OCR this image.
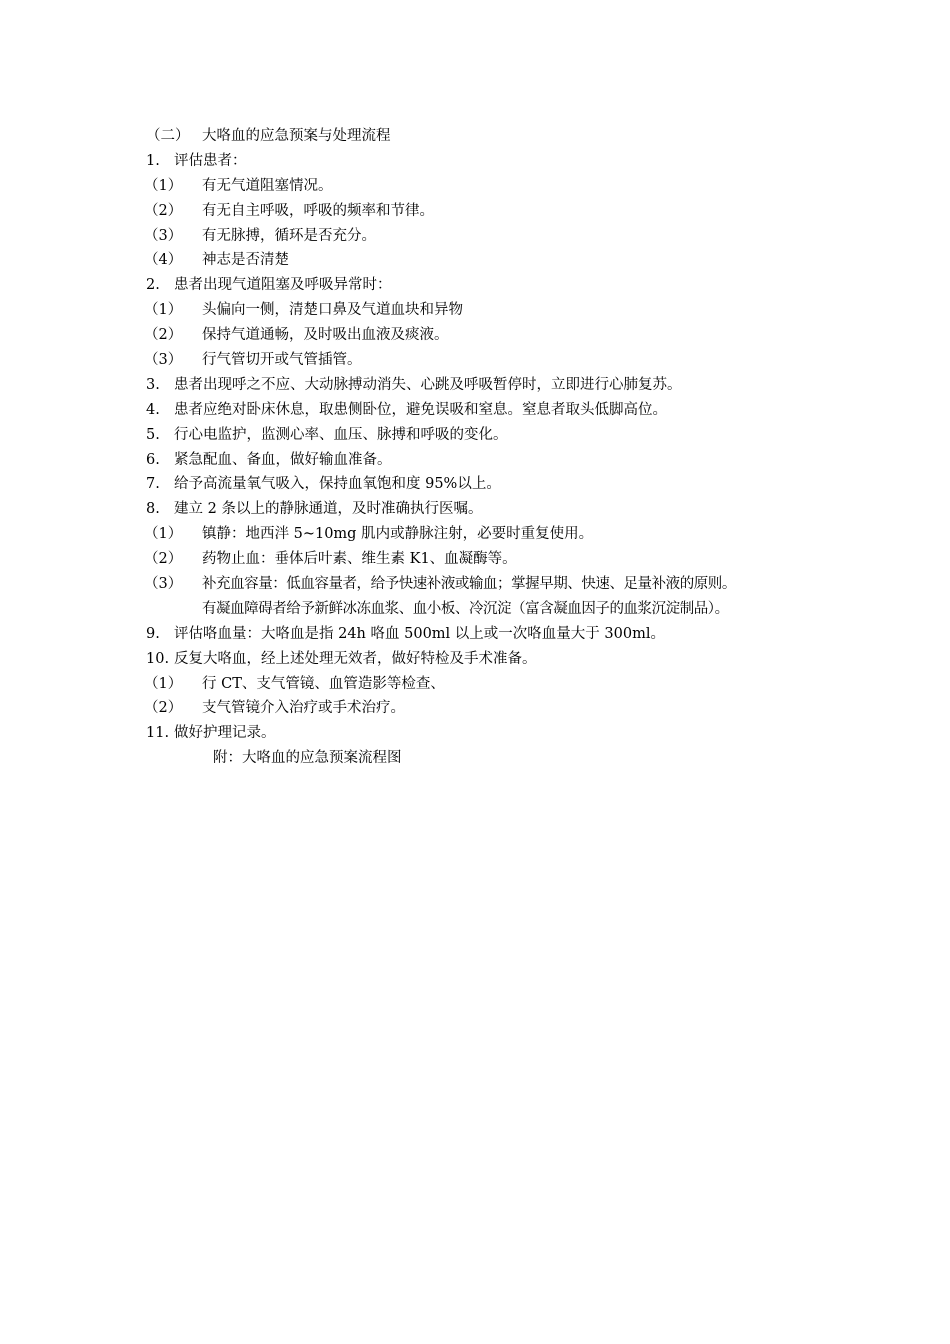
（二） 大咯血的应急预案与处理流程
1. 评估患者：
（1） 有无气道阻塞情况。
（2） 有无自主呼吸，呼吸的频率和节律。
（3） 有无脉搏，循环是否充分。
（4） 神志是否清楚
2. 患者出现气道阻塞及呼吸异常时：
（1） 头偏向一侧，清楚口鼻及气道血块和异物
（2） 保持气道通畅，及时吸出血液及痰液。
（3） 行气管切开或气管插管。
3. 患者出现呼之不应、大动脉搏动消失、心跳及呼吸暂停时，立即进行心肺复苏。
4. 患者应绝对卧床休息，取患侧卧位，避免误吸和窒息。窒息者取头低脚高位。
5. 行心电监护，监测心率、血压、脉搏和呼吸的变化。
6. 紧急配血、备血，做好输血准备。
7. 给予高流量氧气吸入，保持血氧饱和度 95%以上。
8. 建立 2 条以上的静脉通道，及时准确执行医嘱。
（1） 镇静：地西泮 5~10mg 肌内或静脉注射，必要时重复使用。
（2） 药物止血：垂体后叶素、维生素 K1、血凝酶等。
（3） 补充血容量：低血容量者，给予快速补液或输血；掌握早期、快速、足量补液的原则。
有凝血障碍者给予新鲜冰冻血浆、血小板、冷沉淀（富含凝血因子的血浆沉淀制品）。
9. 评估咯血量：大咯血是指 24h 咯血 500ml 以上或一次咯血量大于 300ml。
10. 反复大咯血，经上述处理无效者，做好特检及手术准备。
（1） 行 CT、支气管镜、血管造影等检查、
（2） 支气管镜介入治疗或手术治疗。
11. 做好护理记录。
附：大咯血的应急预案流程图
